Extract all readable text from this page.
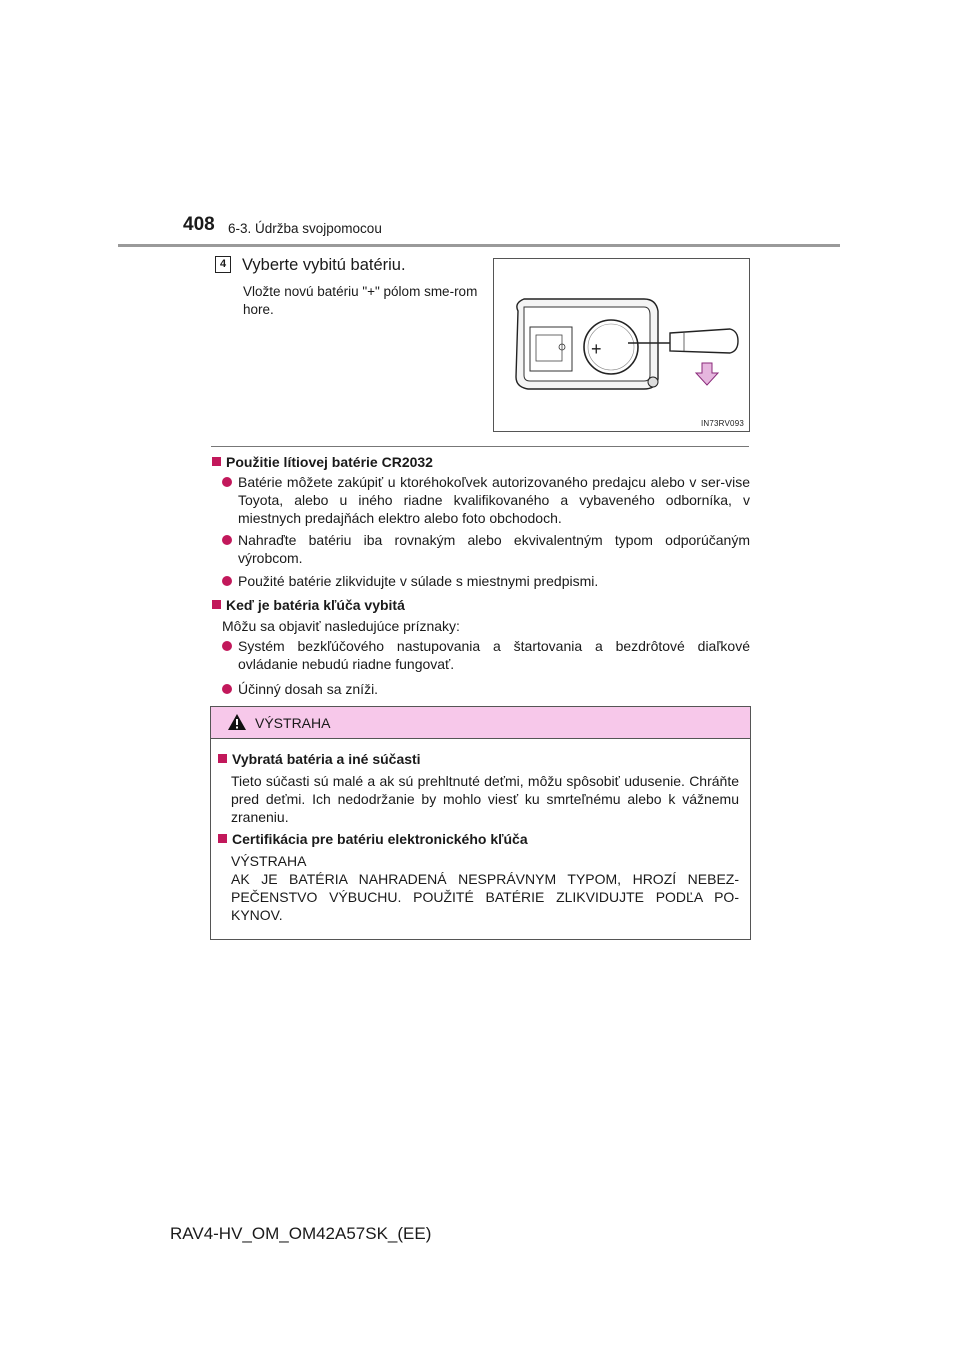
408 6-3. Údržba svojpomocou
4 Vyberte vybitú batériu.
Vložte novú batériu "+" pólom sme-rom hore.
+
IN73RV093
Použitie lítiovej batérie CR2032
Batérie môžete zakúpiť u ktoréhokoľvek autorizovaného predajcu alebo v ser-vise Toyota, alebo u iného riadne kvalifikovaného a vybaveného odborníka, v miestnych predajňách elektro alebo foto obchodoch.
Nahraďte batériu iba rovnakým alebo ekvivalentným typom odporúčaným výrobcom.
Použité batérie zlikvidujte v súlade s miestnymi predpismi.
Keď je batéria kľúča vybitá
Môžu sa objaviť nasledujúce príznaky:
Systém bezkľúčového nastupovania a štartovania a bezdrôtové diaľkové ovládanie nebudú riadne fungovať.
Účinný dosah sa zníži.
VÝSTRAHA
Vybratá batéria a iné súčasti
Tieto súčasti sú malé a ak sú prehltnuté deťmi, môžu spôsobiť udusenie. Chráňte pred deťmi. Ich nedodržanie by mohlo viesť ku smrteľnému alebo k vážnemu zraneniu.
Certifikácia pre batériu elektronického kľúča
VÝSTRAHA
AK JE BATÉRIA NAHRADENÁ NESPRÁVNYM TYPOM, HROZÍ NEBEZ-PEČENSTVO VÝBUCHU. POUŽITÉ BATÉRIE ZLIKVIDUJTE PODĽA PO-KYNOV.
RAV4-HV_OM_OM42A57SK_(EE)
